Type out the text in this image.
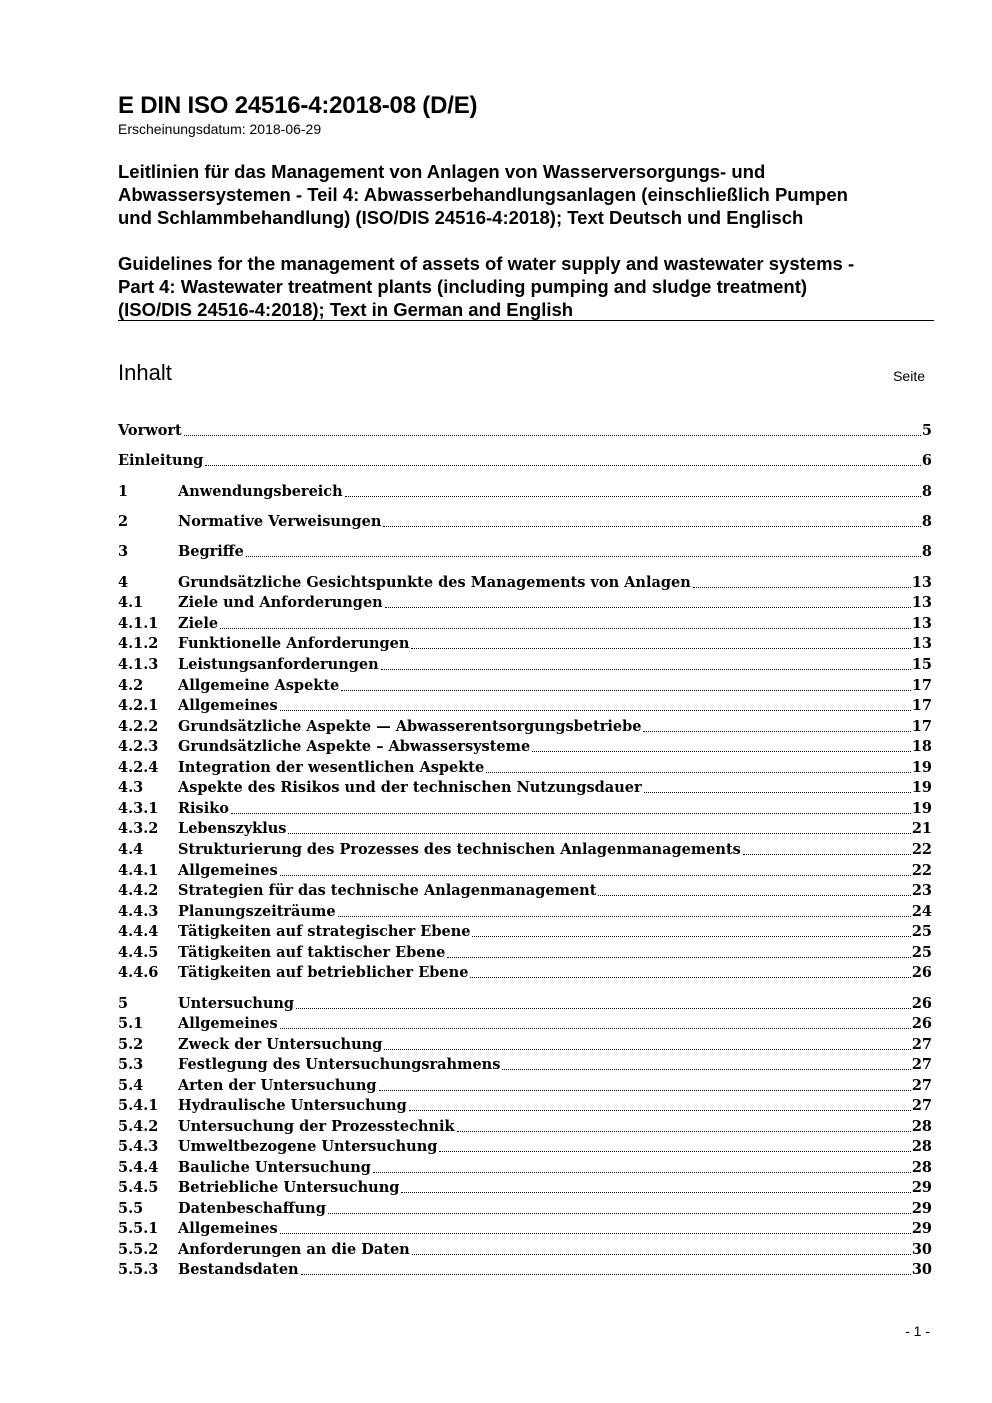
E DIN ISO 24516-4:2018-08 (D/E)
Erscheinungsdatum: 2018-06-29
Leitlinien für das Management von Anlagen von Wasserversorgungs- und
Abwassersystemen - Teil 4: Abwasserbehandlungsanlagen (einschließlich Pumpen
und Schlammbehandlung) (ISO/DIS 24516-4:2018); Text Deutsch und Englisch
Guidelines for the management of assets of water supply and wastewater systems -
Part 4: Wastewater treatment plants (including pumping and sludge treatment)
(ISO/DIS 24516-4:2018); Text in German and English
Inhalt	Seite
Vorwort	5
Einleitung	6
1	Anwendungsbereich	8
2	Normative Verweisungen	8
3	Begriffe	8
4	Grundsätzliche Gesichtspunkte des Managements von Anlagen	13
4.1	Ziele und Anforderungen	13
4.1.1	Ziele	13
4.1.2	Funktionelle Anforderungen	13
4.1.3	Leistungsanforderungen	15
4.2	Allgemeine Aspekte	17
4.2.1	Allgemeines	17
4.2.2	Grundsätzliche Aspekte — Abwasserentsorgungsbetriebe	17
4.2.3	Grundsätzliche Aspekte – Abwassersysteme	18
4.2.4	Integration der wesentlichen Aspekte	19
4.3	Aspekte des Risikos und der technischen Nutzungsdauer	19
4.3.1	Risiko	19
4.3.2	Lebenszyklus	21
4.4	Strukturierung des Prozesses des technischen Anlagenmanagements	22
4.4.1	Allgemeines	22
4.4.2	Strategien für das technische Anlagenmanagement	23
4.4.3	Planungszeiträume	24
4.4.4	Tätigkeiten auf strategischer Ebene	25
4.4.5	Tätigkeiten auf taktischer Ebene	25
4.4.6	Tätigkeiten auf betrieblicher Ebene	26
5	Untersuchung	26
5.1	Allgemeines	26
5.2	Zweck der Untersuchung	27
5.3	Festlegung des Untersuchungsrahmens	27
5.4	Arten der Untersuchung	27
5.4.1	Hydraulische Untersuchung	27
5.4.2	Untersuchung der Prozesstechnik	28
5.4.3	Umweltbezogene Untersuchung	28
5.4.4	Bauliche Untersuchung	28
5.4.5	Betriebliche Untersuchung	29
5.5	Datenbeschaffung	29
5.5.1	Allgemeines	29
5.5.2	Anforderungen an die Daten	30
5.5.3	Bestandsdaten	30
- 1 -
